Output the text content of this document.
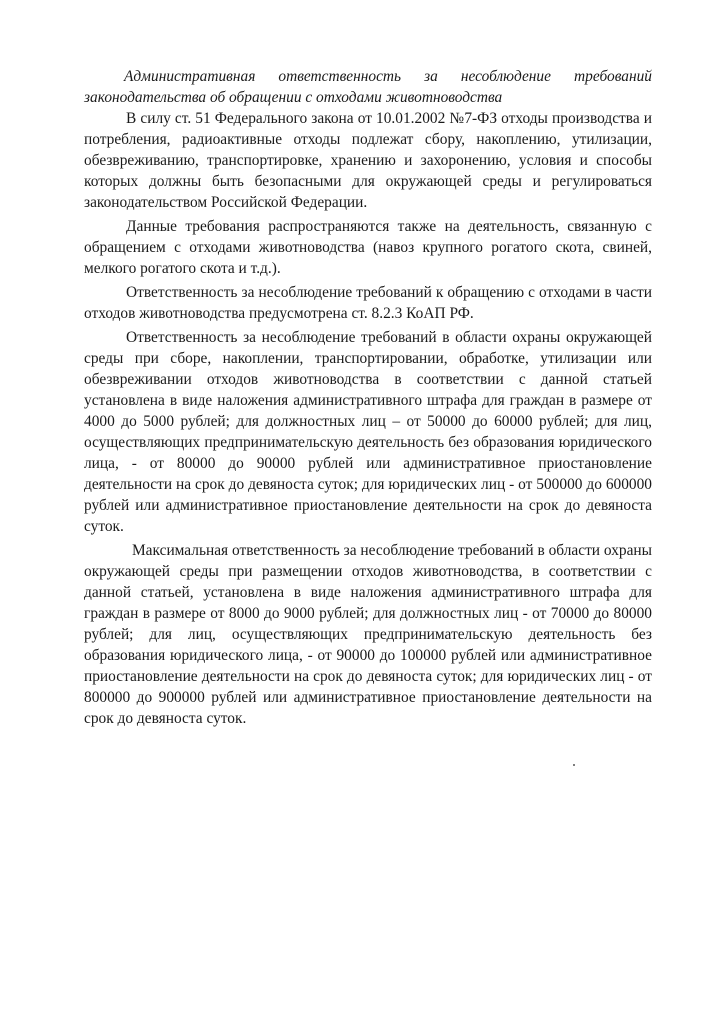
Административная ответственность за несоблюдение требований
законодательства об обращении с отходами животноводства

В силу ст. 51 Федерального закона от 10.01.2002 №7-ФЗ отходы производства и потребления, радиоактивные отходы подлежат сбору, накоплению, утилизации, обезвреживанию, транспортировке, хранению и захоронению, условия и способы которых должны быть безопасными для окружающей среды и регулироваться законодательством Российской Федерации.

Данные требования распространяются также на деятельность, связанную с обращением с отходами животноводства (навоз крупного рогатого скота, свиней, мелкого рогатого скота и т.д.).

Ответственность за несоблюдение требований к обращению с отходами в части отходов животноводства предусмотрена ст. 8.2.3 КоАП РФ.

Ответственность за несоблюдение требований в области охраны окружающей среды при сборе, накоплении, транспортировании, обработке, утилизации или обезвреживании отходов животноводства в соответствии с данной статьей установлена в виде наложения административного штрафа для граждан в размере от 4000 до 5000 рублей; для должностных лиц – от 50000 до 60000 рублей; для лиц, осуществляющих предпринимательскую деятельность без образования юридического лица, - от 80000 до 90000 рублей или административное приостановление деятельности на срок до девяноста суток; для юридических лиц - от 500000 до 600000 рублей или административное приостановление деятельности на срок до девяноста суток.

Максимальная ответственность за несоблюдение требований в области охраны окружающей среды при размещении отходов животноводства, в соответствии с данной статьей, установлена в виде наложения административного штрафа для граждан в размере от 8000 до 9000 рублей; для должностных лиц - от 70000 до 80000 рублей; для лиц, осуществляющих предпринимательскую деятельность без образования юридического лица, - от 90000 до 100000 рублей или административное приостановление деятельности на срок до девяноста суток; для юридических лиц - от 800000 до 900000 рублей или административное приостановление деятельности на срок до девяноста суток.
